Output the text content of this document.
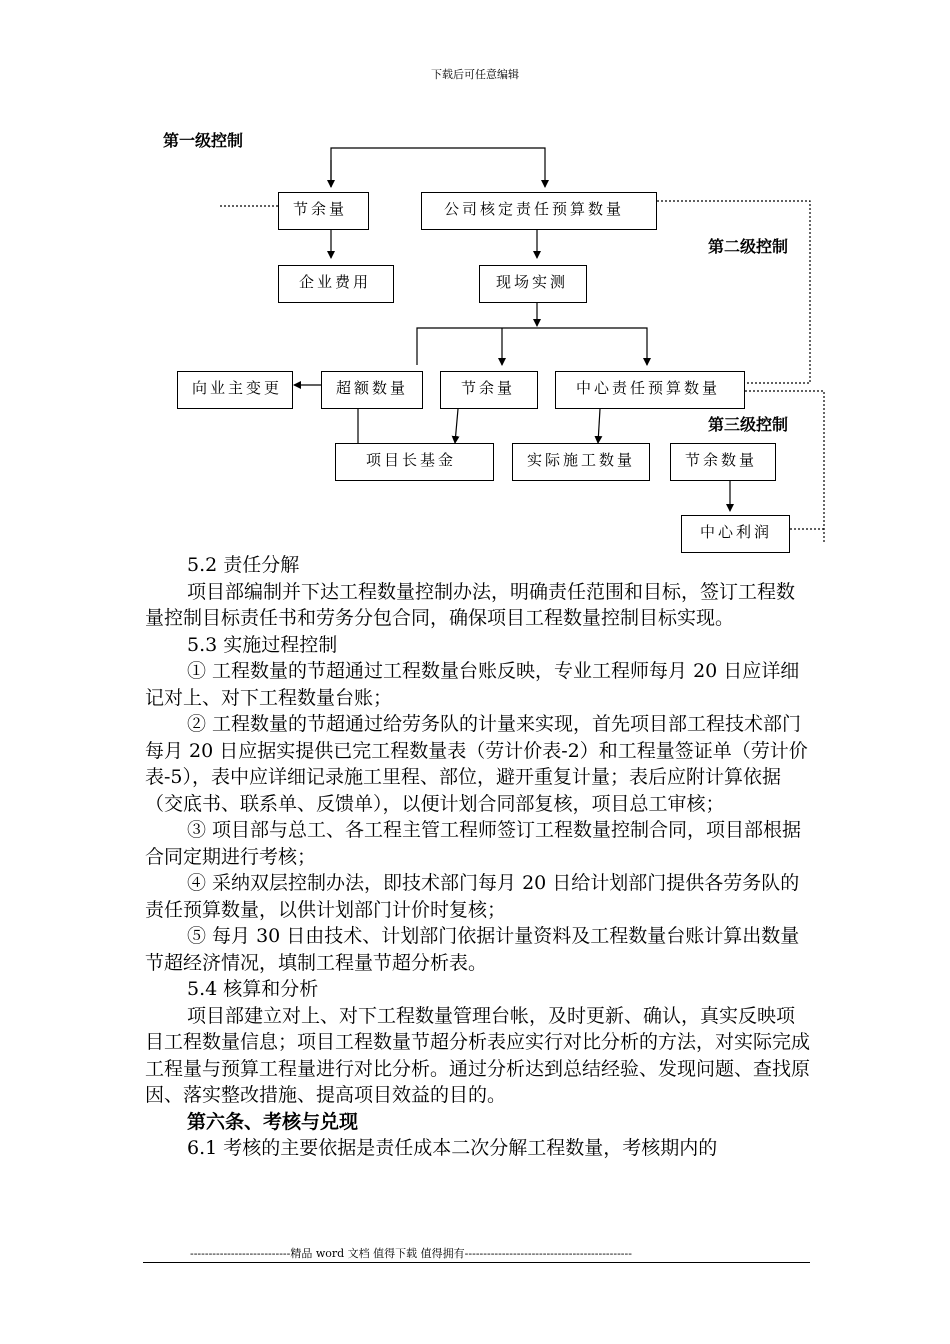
下载后可任意编辑
第一级控制
第二级控制
第三级控制
节余量	公司核定责任预算数量
企业费用	现场实测
向业主变更	超额数量	节余量	中心责任预算数量
项目长基金	实际施工数量	节余数量
中心利润

5.2 责任分解

项目部编制并下达工程数量控制办法，明确责任范围和目标，签订工程数量控制目标责任书和劳务分包合同，确保项目工程数量控制目标实现。

5.3 实施过程控制

① 工程数量的节超通过工程数量台账反映，专业工程师每月 20 日应详细记对上、对下工程数量台账；

② 工程数量的节超通过给劳务队的计量来实现，首先项目部工程技术部门每月 20 日应据实提供已完工程数量表（劳计价表-2）和工程量签证单（劳计价表-5），表中应详细记录施工里程、部位，避开重复计量；表后应附计算依据（交底书、联系单、反馈单），以便计划合同部复核，项目总工审核；

③ 项目部与总工、各工程主管工程师签订工程数量控制合同，项目部根据合同定期进行考核；

④ 采纳双层控制办法，即技术部门每月 20 日给计划部门提供各劳务队的责任预算数量，以供计划部门计价时复核；

⑤ 每月 30 日由技术、计划部门依据计量资料及工程数量台账计算出数量节超经济情况，填制工程量节超分析表。

5.4 核算和分析

项目部建立对上、对下工程数量管理台帐，及时更新、确认，真实反映项目工程数量信息；项目工程数量节超分析表应实行对比分析的方法，对实际完成工程量与预算工程量进行对比分析。通过分析达到总结经验、发现问题、查找原因、落实整改措施、提高项目效益的目的。

第六条、考核与兑现

6.1 考核的主要依据是责任成本二次分解工程数量，考核期内的

---------------------------精品 word 文档 值得下载 值得拥有---------------------------------------------
